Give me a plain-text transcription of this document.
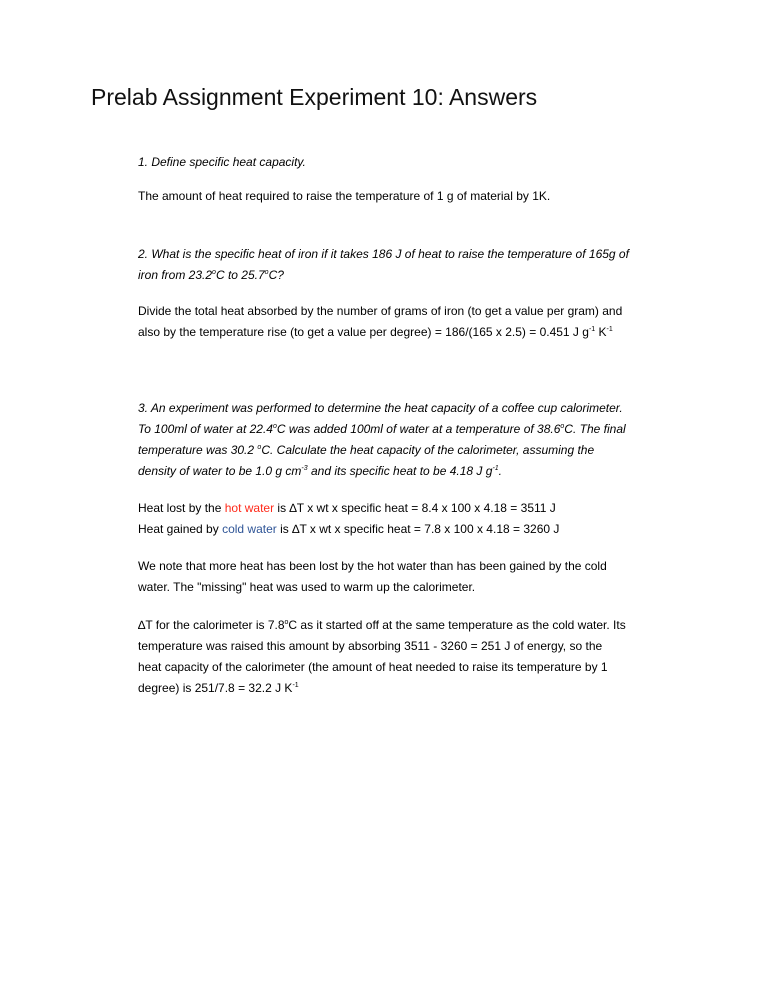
Prelab Assignment Experiment 10: Answers

1. Define specific heat capacity.

The amount of heat required to raise the temperature of 1 g of material by 1K.

2. What is the specific heat of iron if it takes 186 J of heat to raise the temperature of 165g of
iron from 23.2$^o$C to 25.7$^o$C?

Divide the total heat absorbed by the number of grams of iron (to get a value per gram) and
also by the temperature rise (to get a value per degree) = 186/(165 x 2.5) = 0.451 J $g^{-1}$ $K^{-1}$

3. An experiment was performed to determine the heat capacity of a coffee cup calorimeter.
To 100ml of water at 22.4$^o$C was added 100ml of water at a temperature of 38.6$^o$C. The final
temperature was 30.2 $^o$C. Calculate the heat capacity of the calorimeter, assuming the
density of water to be 1.0 g $cm^{-3}$ and its specific heat to be 4.18 J $g^{-1}$.

Heat lost by the hot water is ∆T x wt x specific heat = 8.4 x 100 x 4.18 = 3511 J
Heat gained by cold water is ∆T x wt x specific heat = 7.8 x 100 x 4.18 = 3260 J

We note that more heat has been lost by the hot water than has been gained by the cold
water. The "missing" heat was used to warm up the calorimeter.

∆T for the calorimeter is 7.8$^o$C as it started off at the same temperature as the cold water. Its
temperature was raised this amount by absorbing 3511 - 3260 = 251 J of energy, so the
heat capacity of the calorimeter (the amount of heat needed to raise its temperature by 1
degree) is 251/7.8 = 32.2 J $K^{-1}$
